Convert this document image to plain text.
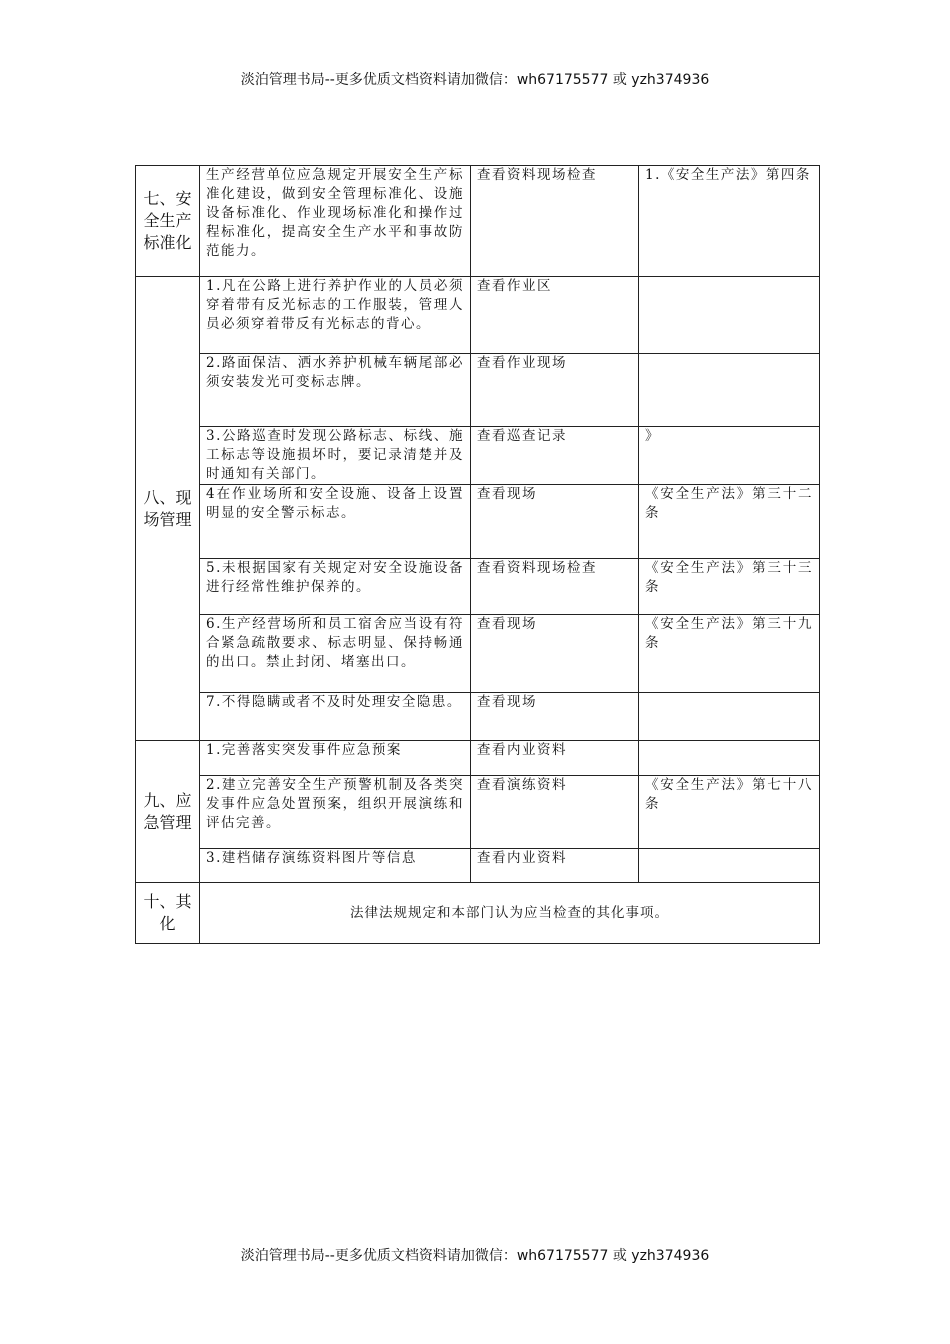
淡泊管理书局--更多优质文档资料请加微信：wh67175577 或 yzh374936
七、安全生产标准化	生产经营单位应急规定开展安全生产标准化建设，做到安全管理标准化、设施设备标准化、作业现场标准化和操作过程标准化，提高安全生产水平和事故防范能力。	查看资料现场检查	1.《安全生产法》第四条
八、现场管理	1.凡在公路上进行养护作业的人员必须穿着带有反光标志的工作服装，管理人员必须穿着带反有光标志的背心。	查看作业区	
	2.路面保洁、洒水养护机械车辆尾部必须安装发光可变标志牌。	查看作业现场	
	3.公路巡查时发现公路标志、标线、施工标志等设施损坏时，要记录清楚并及时通知有关部门。	查看巡查记录	》
	4在作业场所和安全设施、设备上设置明显的安全警示标志。	查看现场	《安全生产法》第三十二条
	5.未根据国家有关规定对安全设施设备进行经常性维护保养的。	查看资料现场检查	《安全生产法》第三十三条
	6.生产经营场所和员工宿舍应当设有符合紧急疏散要求、标志明显、保持畅通的出口。禁止封闭、堵塞出口。	查看现场	《安全生产法》第三十九条
	7.不得隐瞒或者不及时处理安全隐患。	查看现场	
九、应急管理	1.完善落实突发事件应急预案	查看内业资料	
	2.建立完善安全生产预警机制及各类突发事件应急处置预案，组织开展演练和评估完善。	查看演练资料	《安全生产法》第七十八条
	3.建档储存演练资料图片等信息	查看内业资料	
十、其化	法律法规规定和本部门认为应当检查的其化事项。		
淡泊管理书局--更多优质文档资料请加微信：wh67175577 或 yzh374936
